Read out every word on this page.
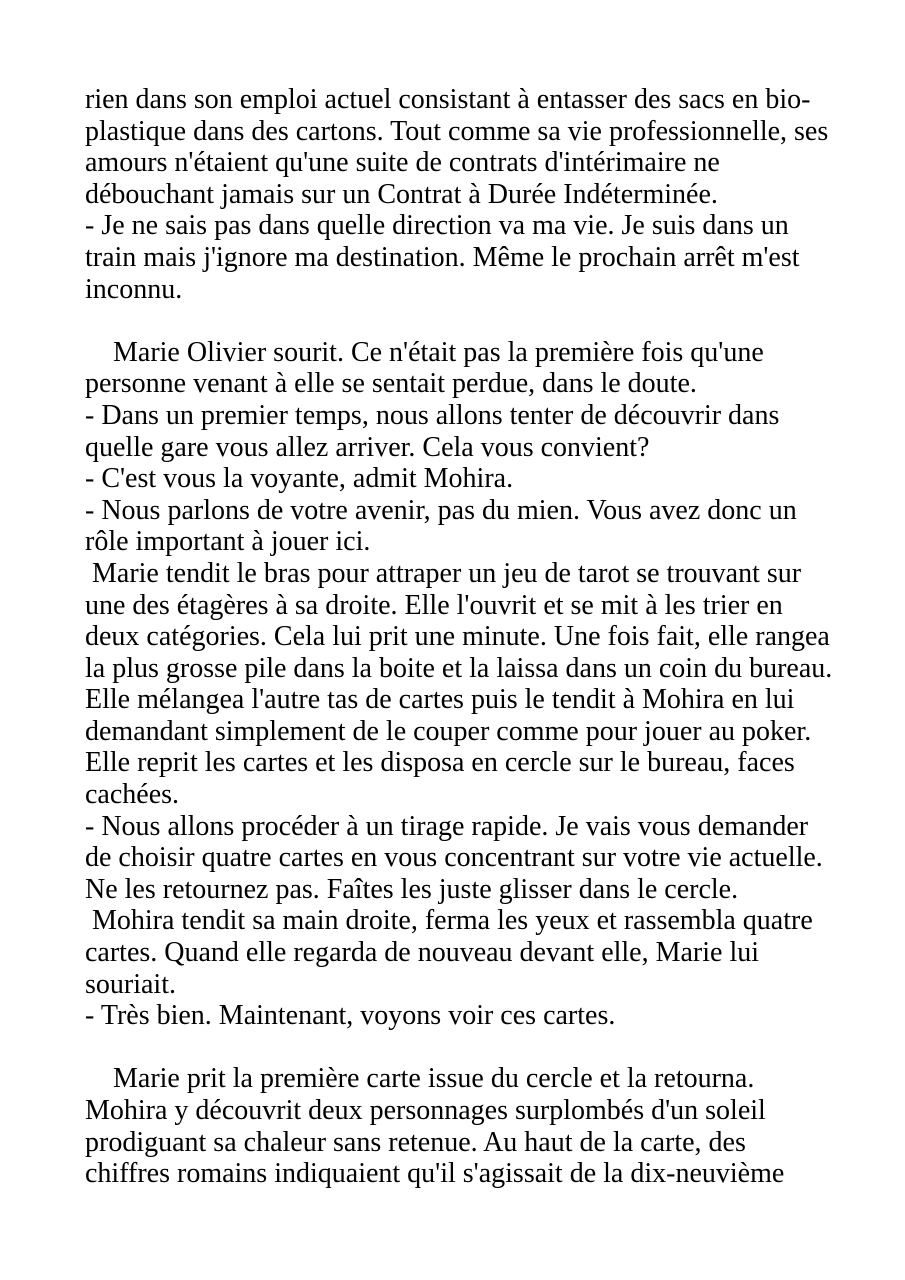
rien dans son emploi actuel consistant à entasser des sacs en bio-
plastique dans des cartons. Tout comme sa vie professionnelle, ses
amours n'étaient qu'une suite de contrats d'intérimaire ne
débouchant jamais sur un Contrat à Durée Indéterminée.
- Je ne sais pas dans quelle direction va ma vie. Je suis dans un
train mais j'ignore ma destination. Même le prochain arrêt m'est
inconnu.
Marie Olivier sourit. Ce n'était pas la première fois qu'une
personne venant à elle se sentait perdue, dans le doute.
- Dans un premier temps, nous allons tenter de découvrir dans
quelle gare vous allez arriver. Cela vous convient?
- C'est vous la voyante, admit Mohira.
- Nous parlons de votre avenir, pas du mien. Vous avez donc un
rôle important à jouer ici.
Marie tendit le bras pour attraper un jeu de tarot se trouvant sur
une des étagères à sa droite. Elle l'ouvrit et se mit à les trier en
deux catégories. Cela lui prit une minute. Une fois fait, elle rangea
la plus grosse pile dans la boite et la laissa dans un coin du bureau.
Elle mélangea l'autre tas de cartes puis le tendit à Mohira en lui
demandant simplement de le couper comme pour jouer au poker.
Elle reprit les cartes et les disposa en cercle sur le bureau, faces
cachées.
- Nous allons procéder à un tirage rapide. Je vais vous demander
de choisir quatre cartes en vous concentrant sur votre vie actuelle.
Ne les retournez pas. Faîtes les juste glisser dans le cercle.
Mohira tendit sa main droite, ferma les yeux et rassembla quatre
cartes. Quand elle regarda de nouveau devant elle, Marie lui
souriait.
- Très bien. Maintenant, voyons voir ces cartes.
Marie prit la première carte issue du cercle et la retourna.
Mohira y découvrit deux personnages surplombés d'un soleil
prodiguant sa chaleur sans retenue. Au haut de la carte, des
chiffres romains indiquaient qu'il s'agissait de la dix-neuvième
